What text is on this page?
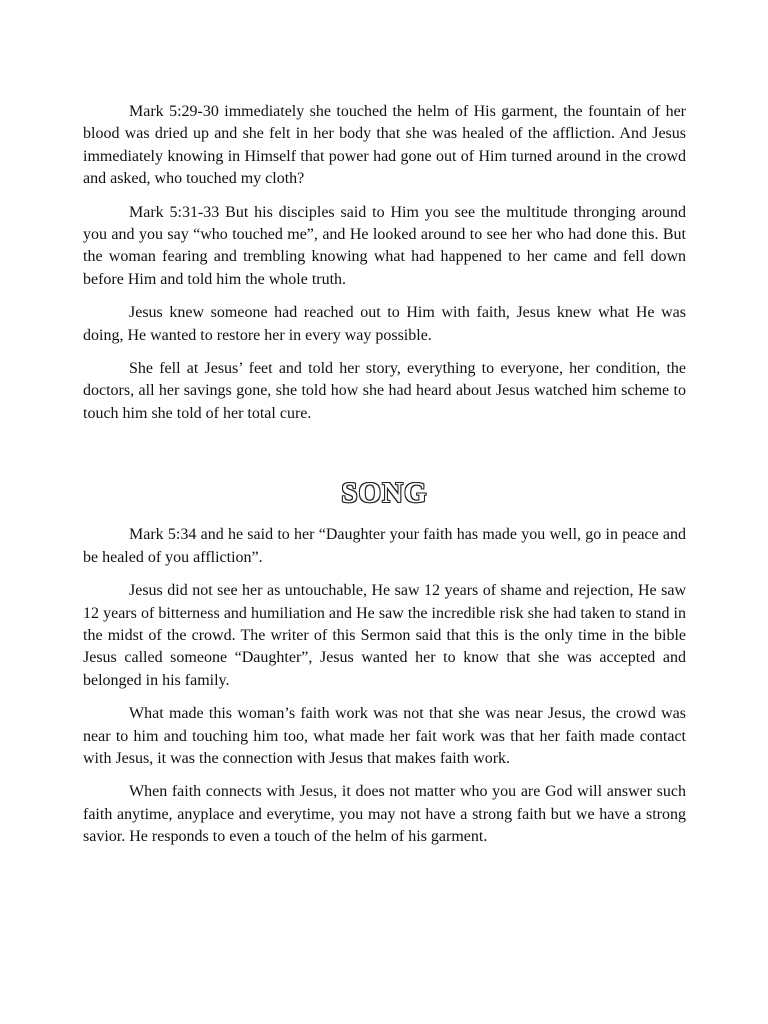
Mark 5:29-30 immediately she touched the helm of His garment, the fountain of her blood was dried up and she felt in her body that she was healed of the affliction. And Jesus immediately knowing in Himself that power had gone out of Him turned around in the crowd and asked, who touched my cloth?

Mark 5:31-33 But his disciples said to Him you see the multitude thronging around you and you say “who touched me”, and He looked around to see her who had done this. But the woman fearing and trembling knowing what had happened to her came and fell down before Him and told him the whole truth.

Jesus knew someone had reached out to Him with faith, Jesus knew what He was doing, He wanted to restore her in every way possible.

She fell at Jesus’ feet and told her story, everything to everyone, her condition, the doctors, all her savings gone, she told how she had heard about Jesus watched him scheme to touch him she told of her total cure.

SONG

Mark 5:34 and he said to her “Daughter your faith has made you well, go in peace and be healed of you affliction”.

Jesus did not see her as untouchable, He saw 12 years of shame and rejection, He saw 12 years of bitterness and humiliation and He saw the incredible risk she had taken to stand in the midst of the crowd. The writer of this Sermon said that this is the only time in the bible Jesus called someone “Daughter”, Jesus wanted her to know that she was accepted and belonged in his family.

What made this woman’s faith work was not that she was near Jesus, the crowd was near to him and touching him too, what made her fait work was that her faith made contact with Jesus, it was the connection with Jesus that makes faith work.

When faith connects with Jesus, it does not matter who you are God will answer such faith anytime, anyplace and everytime, you may not have a strong faith but we have a strong savior. He responds to even a touch of the helm of his garment.
